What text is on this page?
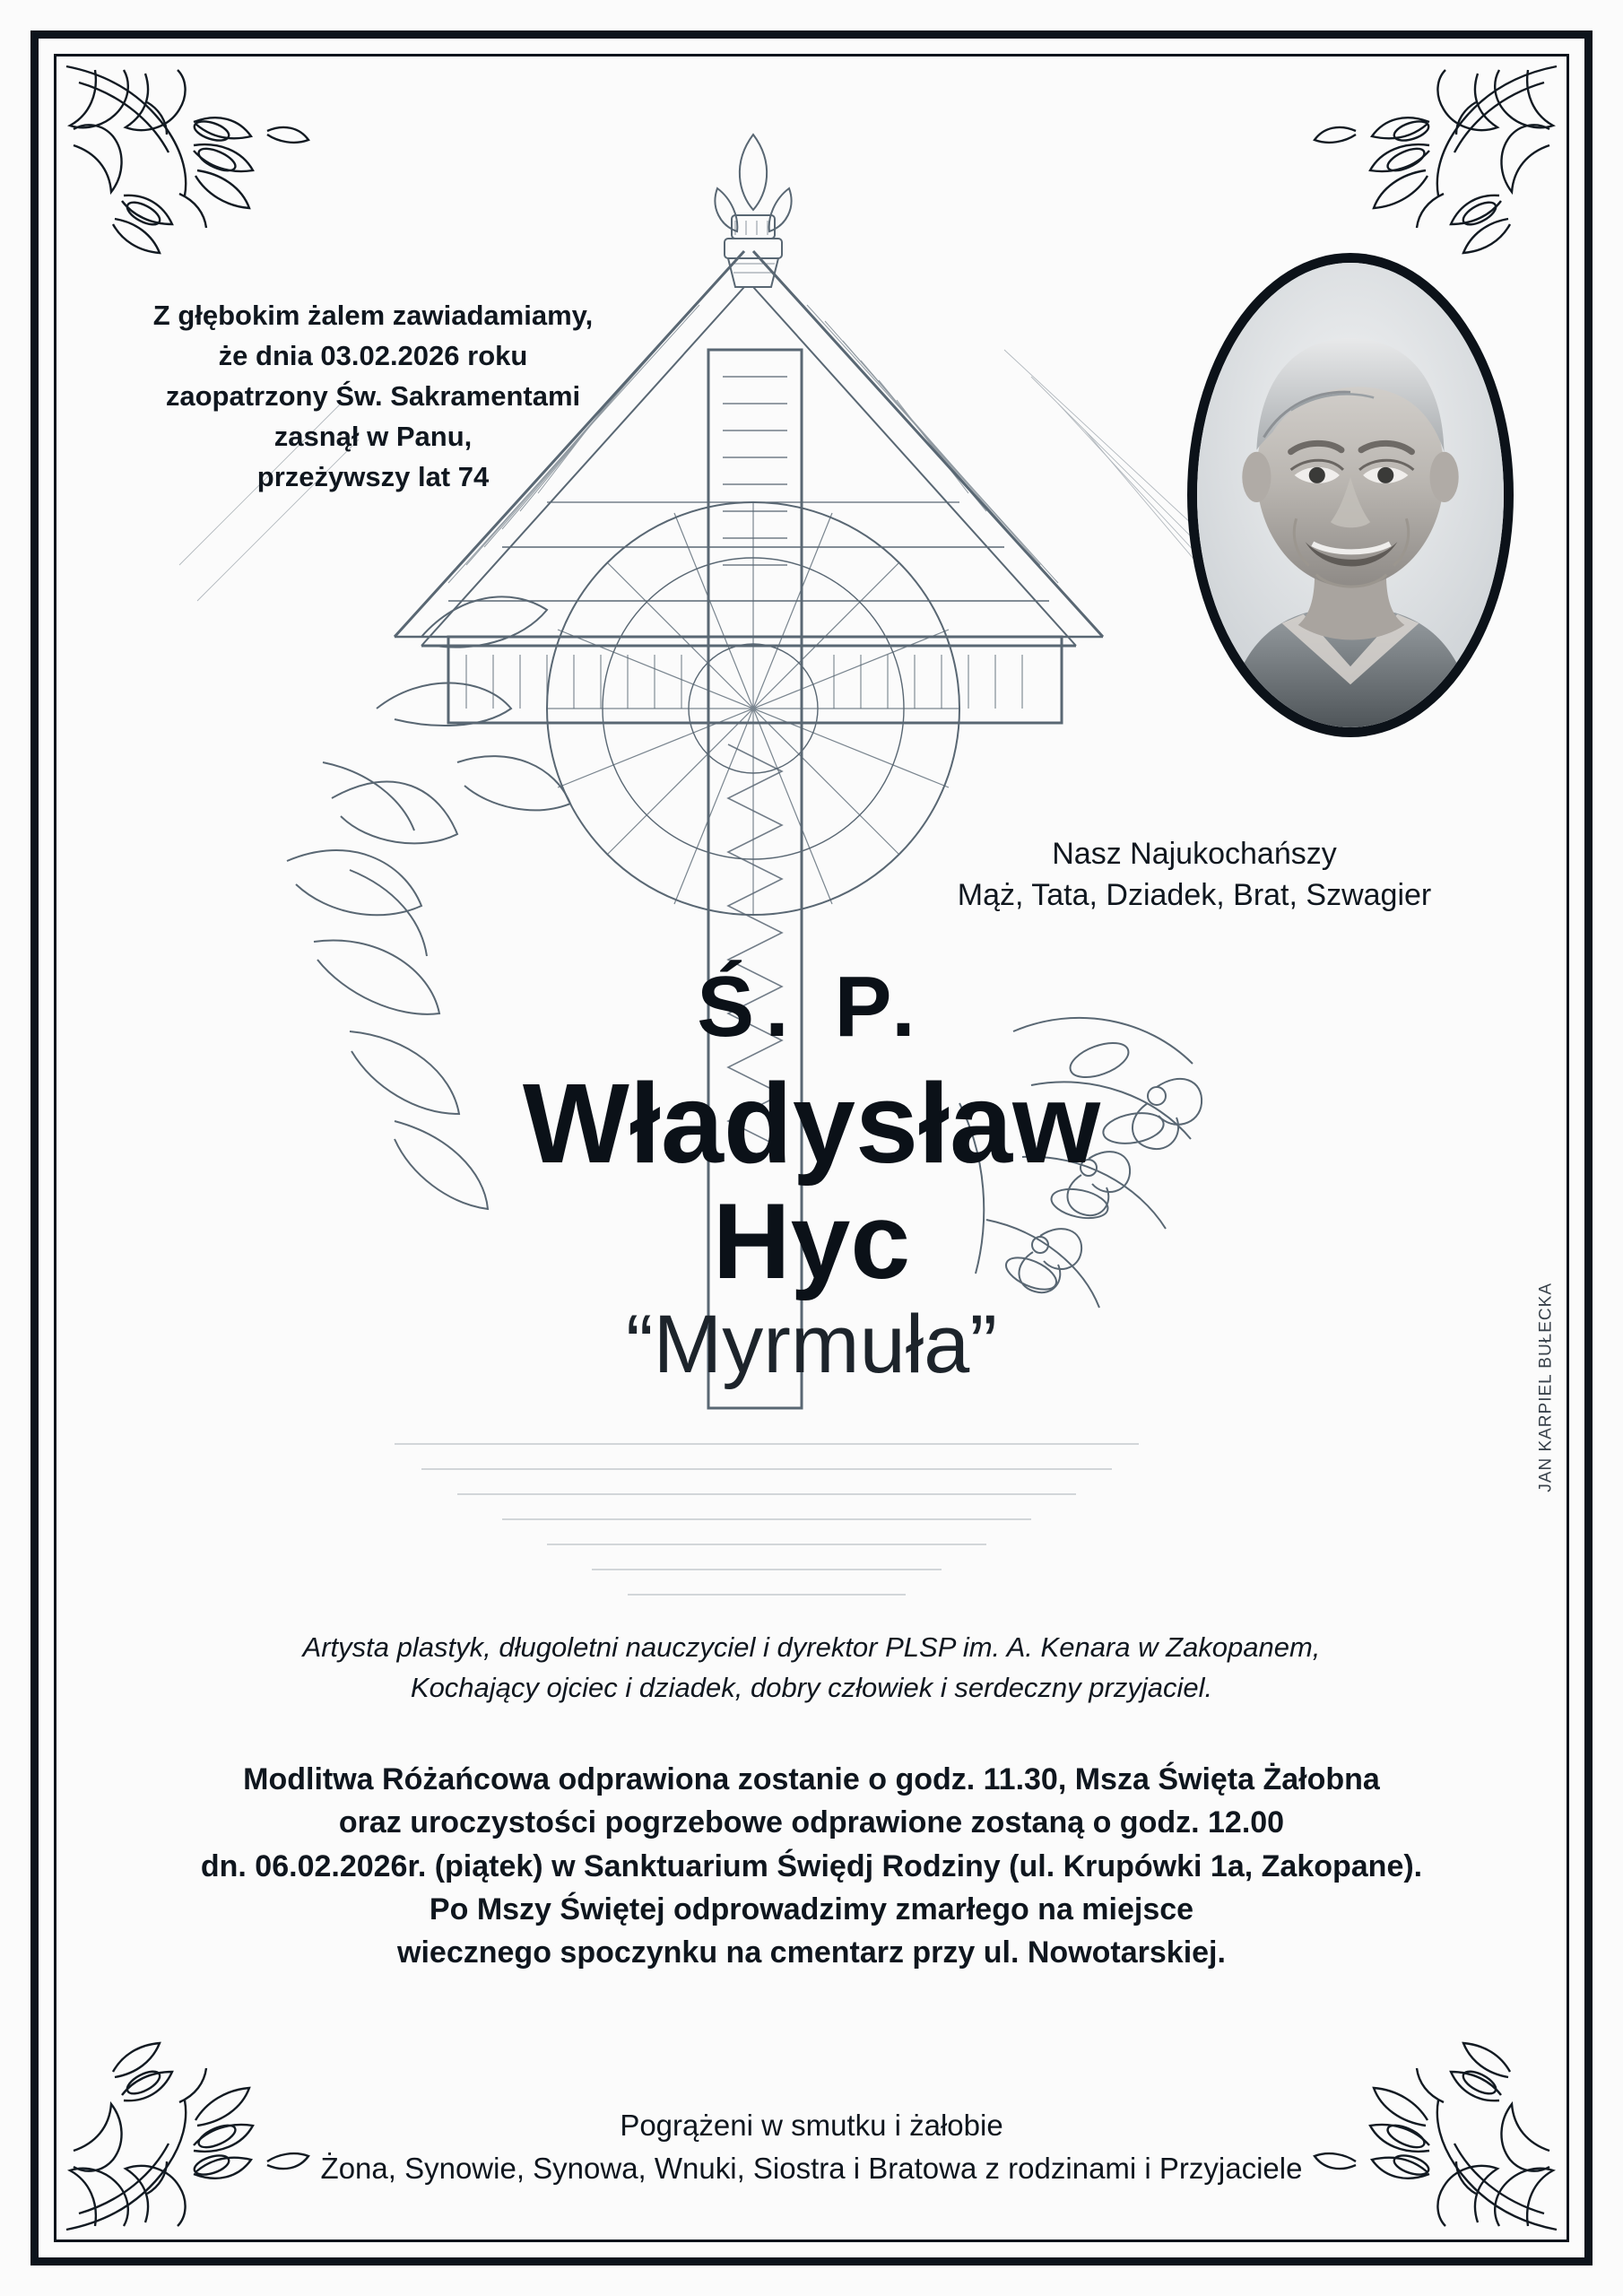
Z głębokim żalem zawiadamiamy,
że dnia 03.02.2026 roku
zaopatrzony Św. Sakramentami
zasnął w Panu,
przeżywszy lat 74
Nasz Najukochańszy
Mąż, Tata, Dziadek, Brat, Szwagier
Ś. P.
Władysław
Hyc
“Myrmuła”
Artysta plastyk, długoletni nauczyciel i dyrektor PLSP im. A. Kenara w Zakopanem,
Kochający ojciec i dziadek, dobry człowiek i serdeczny przyjaciel.
Modlitwa Różańcowa odprawiona zostanie o godz. 11.30, Msza Święta Żałobna
oraz uroczystości pogrzebowe odprawione zostaną o godz. 12.00
dn. 06.02.2026r. (piątek) w Sanktuarium Świędj Rodziny (ul. Krupówki 1a, Zakopane).
Po Mszy Świętej odprowadzimy zmarłego na miejsce
wiecznego spoczynku na cmentarz przy ul. Nowotarskiej.
Pogrążeni w smutku i żałobie
Żona, Synowie, Synowa, Wnuki, Siostra i Bratowa z rodzinami i Przyjaciele
JAN KARPIEL BUŁECKA
